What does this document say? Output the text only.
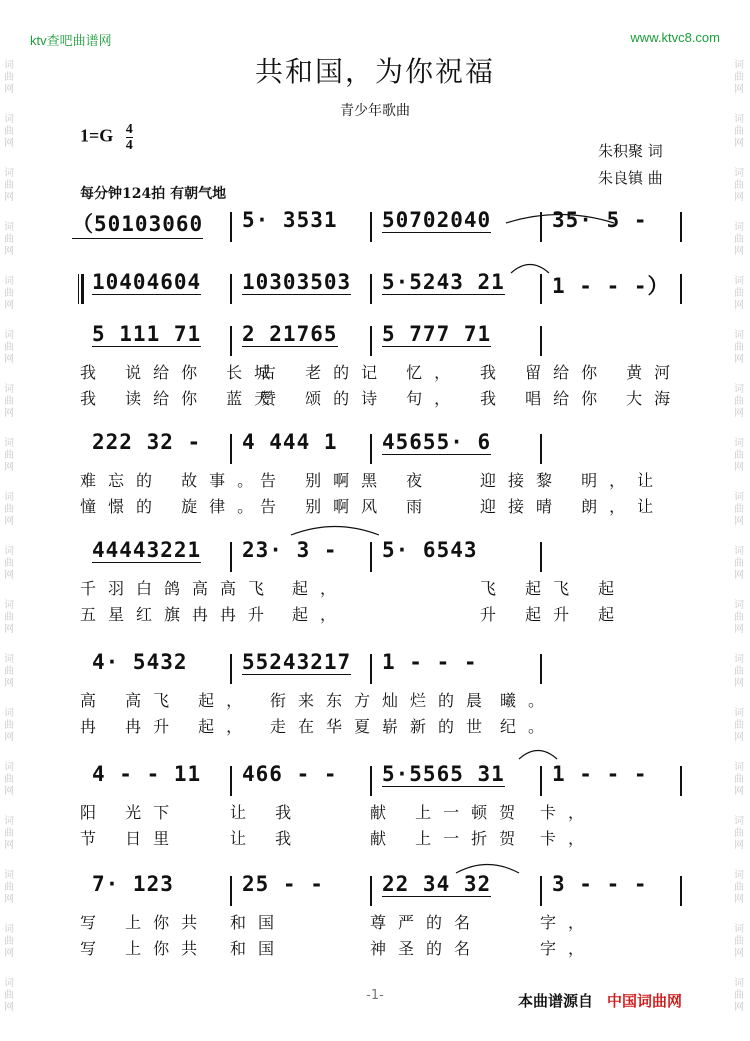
ktv查吧曲谱网	www.ktvc8.com
词
曲
网
词
曲
网
词
曲
网
词
曲
网
词
曲
网
词
曲
网
词
曲
网
词
曲
网
词
曲
网
词
曲
网
词
曲
网
词
曲
网
词
曲
网
词
曲
网
词
曲
网
词
曲
网
词
曲
网
词
曲
网
词
曲
网
词
曲
网
词
曲
网
词
曲
网
词
曲
网
词
曲
网
词
曲
网
词
曲
网
词
曲
网
词
曲
网
词
曲
网
词
曲
网
词
曲
网
词
曲
网
词
曲
网
词
曲
网
词
曲
网
词
曲
网
共和国，为你祝福
青少年歌曲
$1=G \frac{4}{4}$	朱积聚 词
朱良镇 曲
每分钟124拍 有朝气地
（50103060 5· 3531 50702040	35· 5 -
10404604 10303503 5·5243 21 1 - - -）
5 111 71 2 21765 5 777 71
我 说给你 长城
古 老的记 忆， 我 留给你 黄河
我 读给你 蓝天
赞 颂的诗 句， 我 唱给你 大海
222 32 - 4 444 1 45655· 6
难忘的 故事。
告 别啊黑 夜	迎接黎 明，让
憧憬的 旋律。
告 别啊风 雨	迎接晴 朗，让
44443221 23· 3 - 5· 6543
千羽白鸽高高飞 起，	飞 起飞 起
五星红旗冉冉升 起，	升 起升 起
4· 5432	55243217 1 - - -
高 高飞 起， 衔来东方灿烂的晨 曦。
冉 冉升 起， 走在华夏崭新的世 纪。
4 - - 11 466 - - 5·5565 31 1 - - -
阳 光下	让 我	献 上一顿贺 卡，
节 日里	让 我	献 上一折贺 卡，
7· 123	25 - -	22 34 32	3 - - -
写 上你共 和国	尊严的名	字，
写 上你共 和国	神圣的名	字，
-1-	本曲谱源自 中国词曲网
